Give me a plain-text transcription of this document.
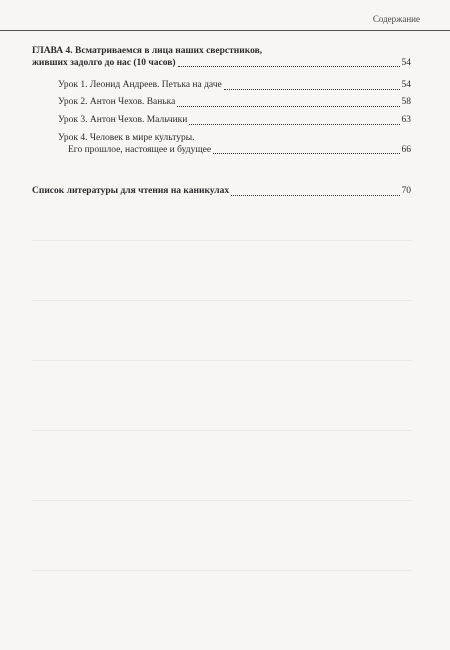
Содержание
ГЛАВА 4. Всматриваемся в лица наших сверстников,
живших задолго до нас (10 часов)	54
Урок 1. Леонид Андреев. Петька на даче	54
Урок 2. Антон Чехов. Ванька	58
Урок 3. Антон Чехов. Мальчики	63
Урок 4. Человек в мире культуры.
Его прошлое, настоящее и будущее	66
Список литературы для чтения на каникулах	70
